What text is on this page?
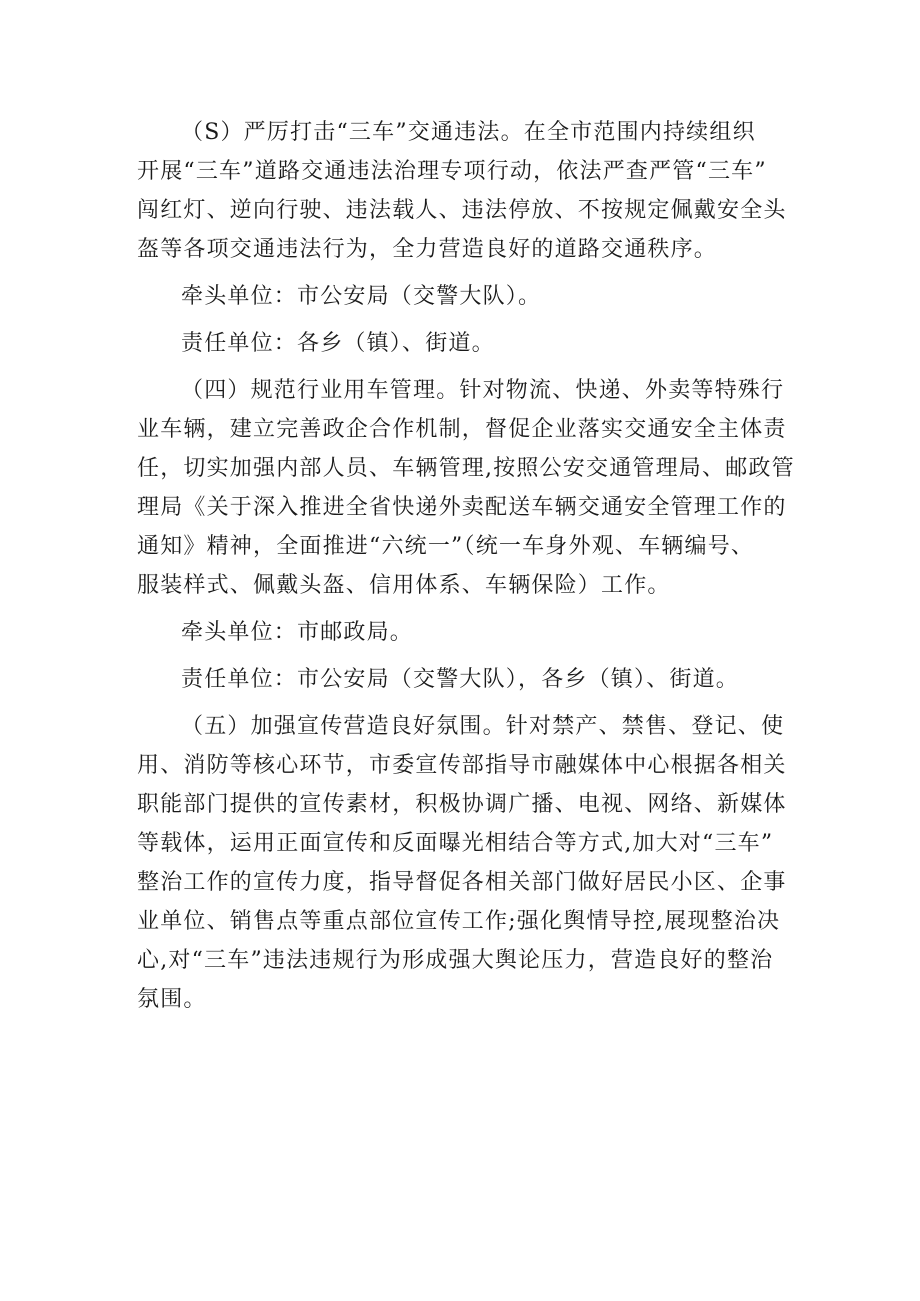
（S）严厉打击“三车”交通违法。在全市范围内持续组织
开展“三车”道路交通违法治理专项行动，依法严查严管“三车”
闯红灯、逆向行驶、违法载人、违法停放、不按规定佩戴安全头
盔等各项交通违法行为，全力营造良好的道路交通秩序。
牵头单位：市公安局（交警大队）。
责任单位：各乡（镇）、街道。
（四）规范行业用车管理。针对物流、快递、外卖等特殊行
业车辆，建立完善政企合作机制，督促企业落实交通安全主体责
任，切实加强内部人员、车辆管理,按照公安交通管理局、邮政管
理局《关于深入推进全省快递外卖配送车辆交通安全管理工作的
通知》精神，全面推进“六统一”（统一车身外观、车辆编号、
服装样式、佩戴头盔、信用体系、车辆保险）工作。
牵头单位：市邮政局。
责任单位：市公安局（交警大队），各乡（镇）、街道。
（五）加强宣传营造良好氛围。针对禁产、禁售、登记、使
用、消防等核心环节，市委宣传部指导市融媒体中心根据各相关
职能部门提供的宣传素材，积极协调广播、电视、网络、新媒体
等载体，运用正面宣传和反面曝光相结合等方式,加大对“三车”
整治工作的宣传力度，指导督促各相关部门做好居民小区、企事
业单位、销售点等重点部位宣传工作;强化舆情导控,展现整治决
心,对“三车”违法违规行为形成强大舆论压力，营造良好的整治
氛围。
